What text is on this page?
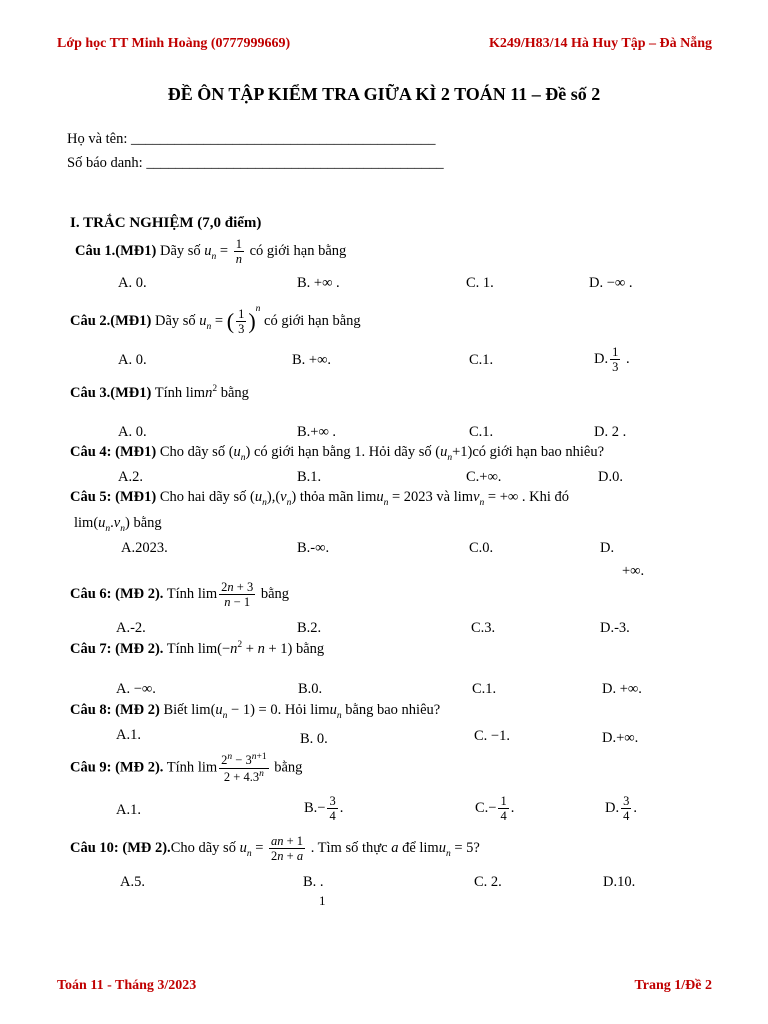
Lớp học TT Minh Hoàng (0777999669)	K249/H83/14 Hà Huy Tập – Đà Nẵng
ĐỀ ÔN TẬP KIỂM TRA GIỮA KÌ 2 TOÁN 11 – Đề số 2
Họ và tên: __________________________________________
Số báo danh: _________________________________________
I. TRẮC NGHIỆM (7,0 điểm)
Câu 1.(MĐ1) Dãy số $u_n = \frac{1}{n}$ có giới hạn bằng
A. 0.	B. +∞ .	C. 1.	D. −∞ .
Câu 2.(MĐ1) Dãy số $u_n$ = ( $\frac{1}{3} )^n$ có giới hạn bằng
A. 0.	B. +∞.	C.1.	D. $\frac{1}{3}$ .
Câu 3.(MĐ1) Tính limn$^2$ bằng
A. 0.	B.+∞ .	C.1.	D. 2 .
Câu 4: (MĐ1) Cho dãy số $(u_n)$ có giới hạn bằng 1. Hỏi dãy số $(u_n+1)có$ giới hạn bao nhiêu?
A.2.	B.1.	C.+∞.	D.0.
Câu 5: (MĐ1) Cho hai dãy số $(u_n),(v_n)$ thỏa mãn limu$_n$ = 2023 và limv$_n$ = +∞ . Khi đó
$\lim(u_n.v_n)$ bằng
A.2023.	B.-∞.	C.0.	D.
+∞.
Câu 6: (MĐ 2). Tính $\lim \frac{2n + 3}{n - 1}$ bằng
A.-2.	B.2.	C.3.	D.-3.
Câu 7: (MĐ 2). Tính $\lim(-n^2 + n + 1)$ bằng
A. −∞.	B.0.	C.1.	D. +∞.
Câu 8: (MĐ 2) Biết $\lim(u_n - 1) = 0$. Hỏi limu$_n$ bằng bao nhiêu?
A.1.	B. 0.	C. −1.	D.+∞.
Câu 9: (MĐ 2). Tính $\lim \frac{2^n - 3^{n+1}}{2 + 4.3^n}$ bằng
A.1.	$B.- \frac{3}{4}$ .	$C.- \frac{1}{4}$ .	D. $\frac{3}{4}$ .
Câu 10: (MĐ 2).Cho dãy số $u_n = \frac{an + 1}{2n + a}$ . Tìm số thực a để limu$_n$ = 5?
A.5.	B. .	C. 2.	D.10.
1
Toán 11 - Tháng 3/2023	Trang 1/Đề 2
